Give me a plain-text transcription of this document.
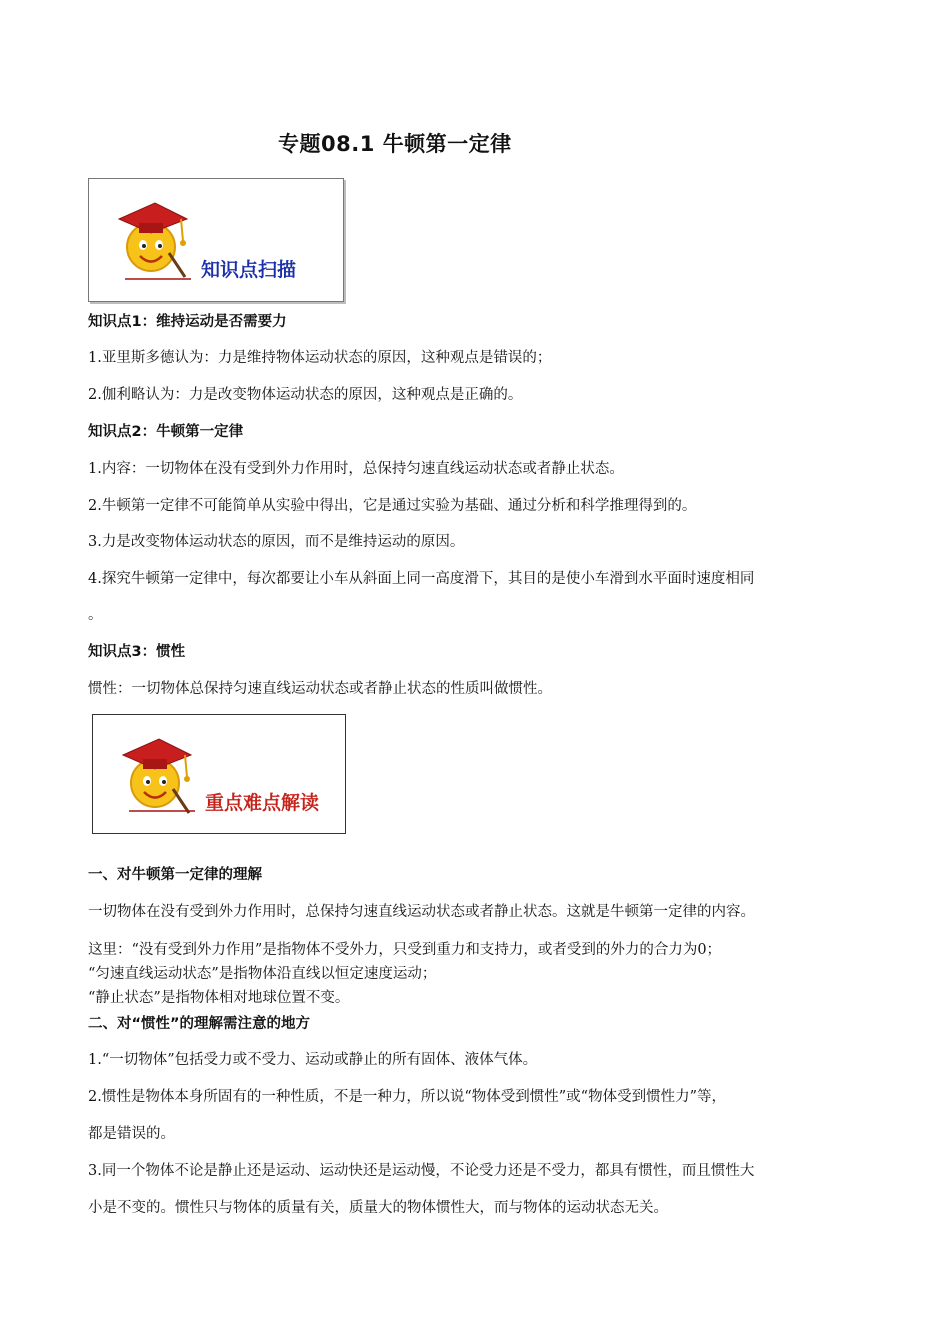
专题08.1 牛顿第一定律
知识点扫描
知识点1：维持运动是否需要力
1.亚里斯多德认为：力是维持物体运动状态的原因，这种观点是错误的；
2.伽利略认为：力是改变物体运动状态的原因，这种观点是正确的。
知识点2：牛顿第一定律
1.内容：一切物体在没有受到外力作用时，总保持匀速直线运动状态或者静止状态。
2.牛顿第一定律不可能简单从实验中得出，它是通过实验为基础、通过分析和科学推理得到的。
3.力是改变物体运动状态的原因，而不是维持运动的原因。
4.探究牛顿第一定律中，每次都要让小车从斜面上同一高度滑下，其目的是使小车滑到水平面时速度相同
。
知识点3：惯性
惯性：一切物体总保持匀速直线运动状态或者静止状态的性质叫做惯性。
重点难点解读
一、对牛顿第一定律的理解
一切物体在没有受到外力作用时，总保持匀速直线运动状态或者静止状态。这就是牛顿第一定律的内容。
这里：“没有受到外力作用”是指物体不受外力，只受到重力和支持力，或者受到的外力的合力为0；
“匀速直线运动状态”是指物体沿直线以恒定速度运动；
“静止状态”是指物体相对地球位置不变。
二、对“惯性”的理解需注意的地方
1.“一切物体”包括受力或不受力、运动或静止的所有固体、液体气体。
2.惯性是物体本身所固有的一种性质，不是一种力，所以说“物体受到惯性”或“物体受到惯性力”等，
都是错误的。
3.同一个物体不论是静止还是运动、运动快还是运动慢，不论受力还是不受力，都具有惯性，而且惯性大
小是不变的。惯性只与物体的质量有关，质量大的物体惯性大，而与物体的运动状态无关。
